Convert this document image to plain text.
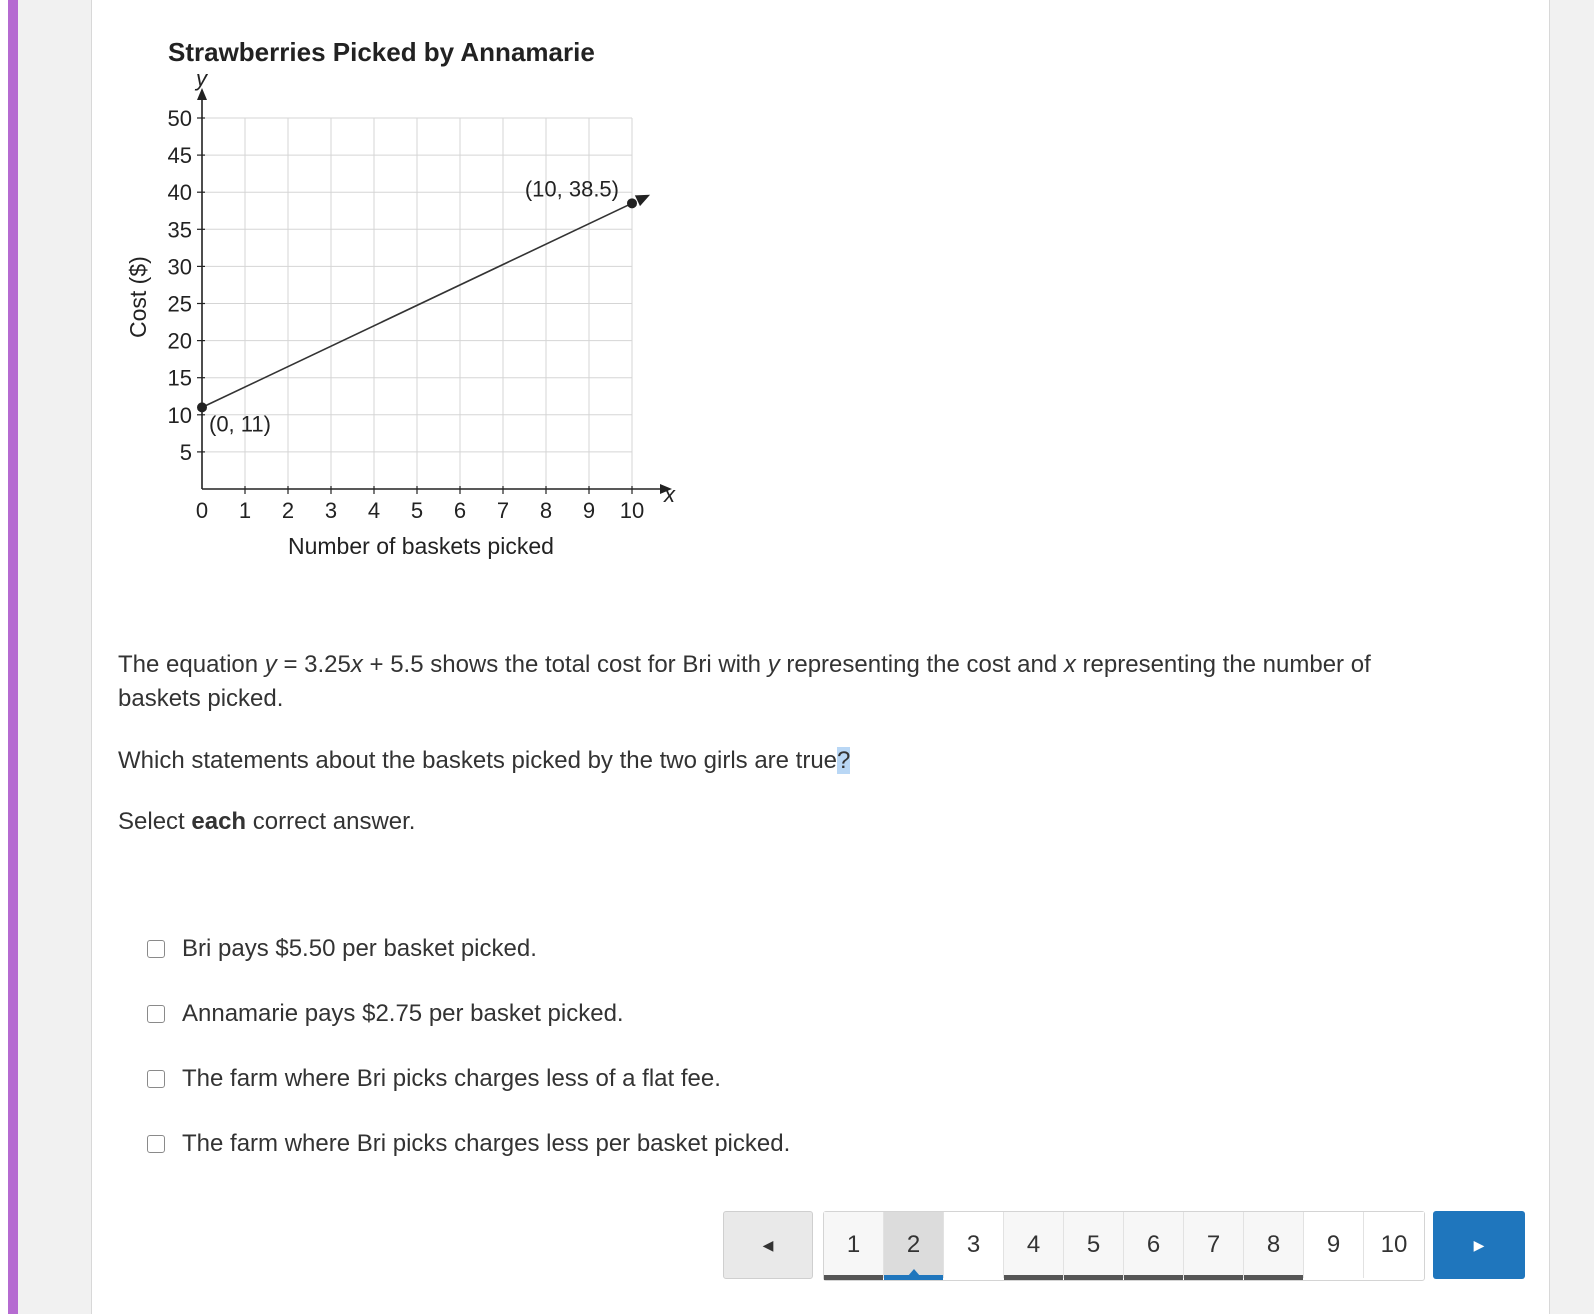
5
10
15
20
25
30
35
40
45
50
0 1 2 3 4 5 6 7 8 9 10
(0, 11)
(10, 38.5)
Strawberries Picked by Annamarie
y
x
Number of baskets picked
Cost ($)

The equation y = 3.25x + 5.5 shows the total cost for Bri with y representing the cost and x representing the number of baskets picked.

Which statements about the baskets picked by the two girls are true?

Select each correct answer.

Bri pays $5.50 per basket picked.
Annamarie pays $2.75 per basket picked.
The farm where Bri picks charges less of a flat fee.
The farm where Bri picks charges less per basket picked.
◀	1 2 3 4 5 6 7 8 9 10	▶
